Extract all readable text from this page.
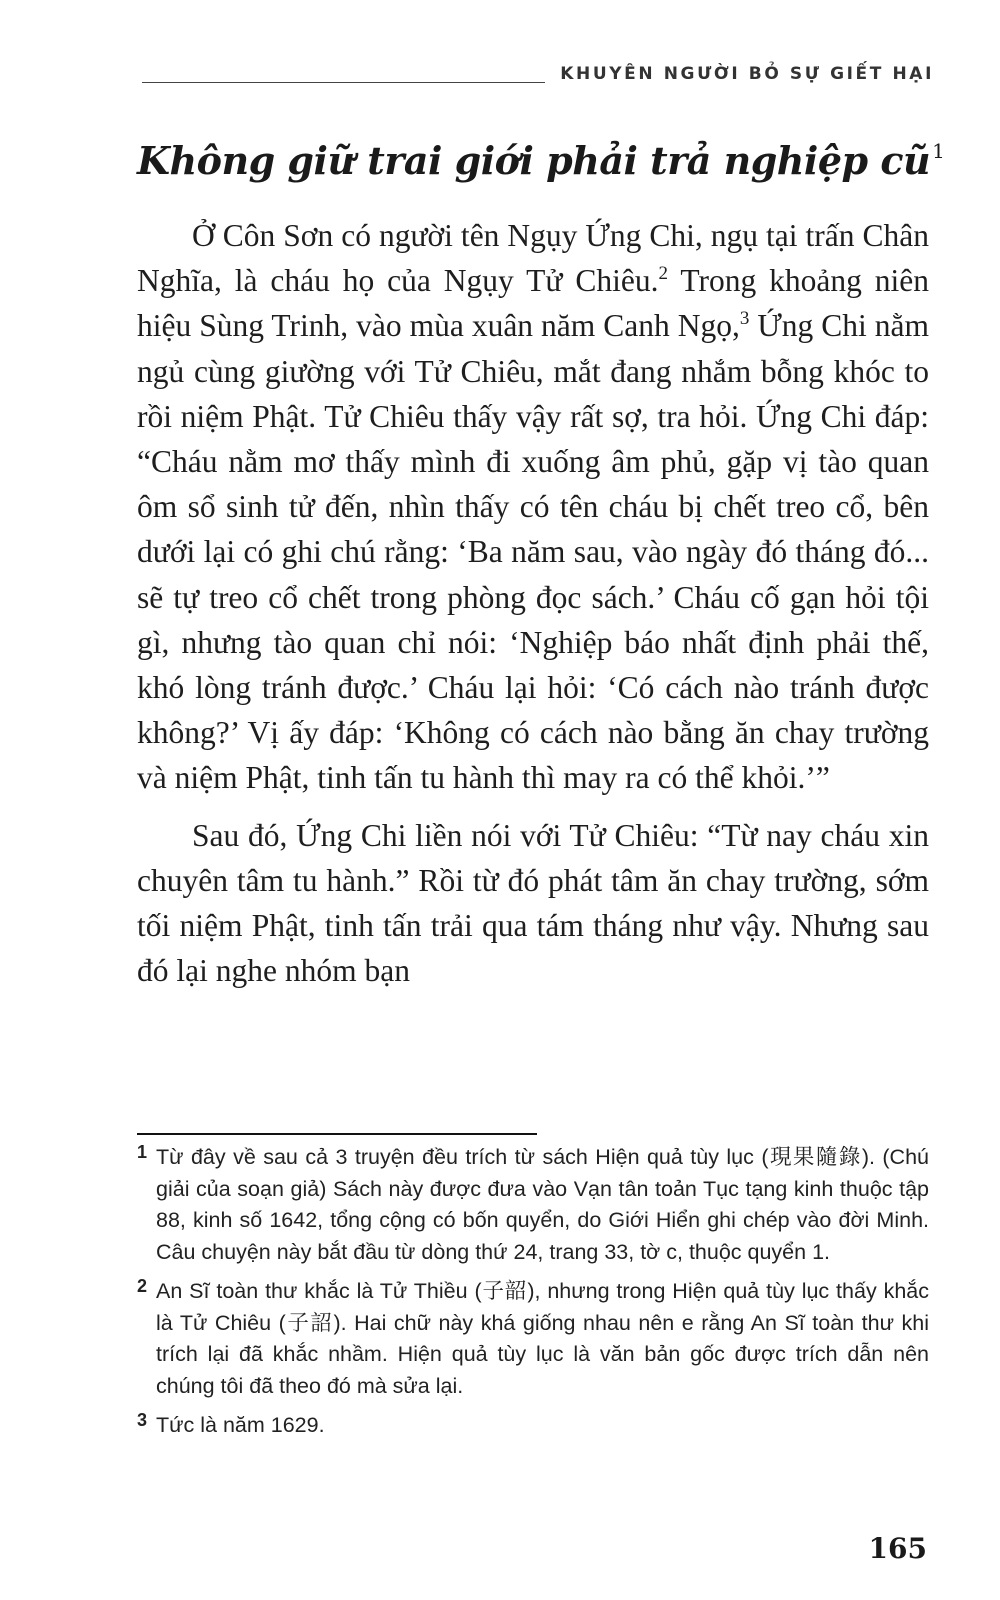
KHUYÊN NGƯỜI BỎ SỰ GIẾT HẠI
Không giữ trai giới phải trả nghiệp cũ $^1$

Ở Côn Sơn có người tên Ngụy Ứng Chi, ngụ tại trấn Chân Nghĩa, là cháu họ của Ngụy Tử Chiêu.$^2$ Trong khoảng niên hiệu Sùng Trinh, vào mùa xuân năm Canh Ngọ,$^3$ Ứng Chi nằm ngủ cùng giường với Tử Chiêu, mắt đang nhắm bỗng khóc to rồi niệm Phật. Tử Chiêu thấy vậy rất sợ, tra hỏi. Ứng Chi đáp: “Cháu nằm mơ thấy mình đi xuống âm phủ, gặp vị tào quan ôm sổ sinh tử đến, nhìn thấy có tên cháu bị chết treo cổ, bên dưới lại có ghi chú rằng: ‘Ba năm sau, vào ngày đó tháng đó... sẽ tự treo cổ chết trong phòng đọc sách.’ Cháu cố gạn hỏi tội gì, nhưng tào quan chỉ nói: ‘Nghiệp báo nhất định phải thế, khó lòng tránh được.’ Cháu lại hỏi: ‘Có cách nào tránh được không?’ Vị ấy đáp: ‘Không có cách nào bằng ăn chay trường và niệm Phật, tinh tấn tu hành thì may ra có thể khỏi.’”

Sau đó, Ứng Chi liền nói với Tử Chiêu: “Từ nay cháu xin chuyên tâm tu hành.” Rồi từ đó phát tâm ăn chay trường, sớm tối niệm Phật, tinh tấn trải qua tám tháng như vậy. Nhưng sau đó lại nghe nhóm bạn

1 Từ đây về sau cả 3 truyện đều trích từ sách Hiện quả tùy lục (現果隨錄). (Chú giải của soạn giả) Sách này được đưa vào Vạn tân toản Tục tạng kinh thuộc tập 88, kinh số 1642, tổng cộng có bốn quyển, do Giới Hiển ghi chép vào đời Minh. Câu chuyện này bắt đầu từ dòng thứ 24, trang 33, tờ c, thuộc quyển 1.

2 An Sĩ toàn thư khắc là Tử Thiều (子韶), nhưng trong Hiện quả tùy lục thấy khắc là Tử Chiêu (子詔). Hai chữ này khá giống nhau nên e rằng An Sĩ toàn thư khi trích lại đã khắc nhầm. Hiện quả tùy lục là văn bản gốc được trích dẫn nên chúng tôi đã theo đó mà sửa lại.

3 Tức là năm 1629.

165
